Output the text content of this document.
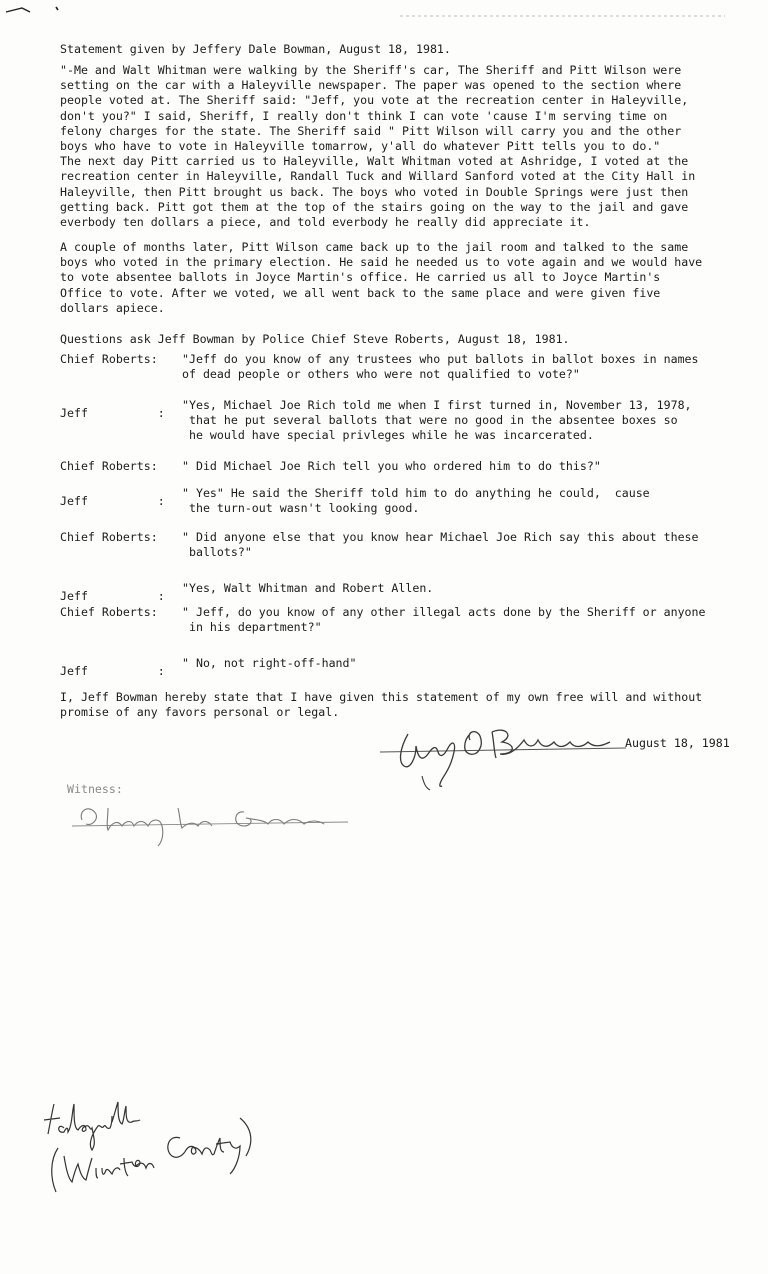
Statement given by Jeffery Dale Bowman, August 18, 1981.
"-Me and Walt Whitman were walking by the Sheriff's car, The Sheriff and Pitt Wilson were
setting on the car with a Haleyville newspaper. The paper was opened to the section where
people voted at. The Sheriff said: "Jeff, you vote at the recreation center in Haleyville,
don't you?" I said, Sheriff, I really don't think I can vote 'cause I'm serving time on
felony charges for the state. The Sheriff said " Pitt Wilson will carry you and the other
boys who have to vote in Haleyville tomarrow, y'all do whatever Pitt tells you to do."
The next day Pitt carried us to Haleyville, Walt Whitman voted at Ashridge, I voted at the
recreation center in Haleyville, Randall Tuck and Willard Sanford voted at the City Hall in
Haleyville, then Pitt brought us back. The boys who voted in Double Springs were just then
getting back. Pitt got them at the top of the stairs going on the way to the jail and gave
everbody ten dollars a piece, and told everbody he really did appreciate it.
A couple of months later, Pitt Wilson came back up to the jail room and talked to the same
boys who voted in the primary election. He said he needed us to vote again and we would have
to vote absentee ballots in Joyce Martin's office. He carried us all to Joyce Martin's
Office to vote. After we voted, we all went back to the same place and were given five
dollars apiece.
Questions ask Jeff Bowman by Police Chief Steve Roberts, August 18, 1981.
Chief Roberts:	"Jeff do you know of any trustees who put ballots in ballot boxes in names
of dead people or others who were not qualified to vote?"
Jeff          :
"Yes, Michael Joe Rich told me when I first turned in, November 13, 1978,
that he put several ballots that were no good in the absentee boxes so
he would have special privleges while he was incarcerated.
Chief Roberts:	" Did Michael Joe Rich tell you who ordered him to do this?"
Jeff          :
" Yes" He said the Sheriff told him to do anything he could,  cause
the turn-out wasn't looking good.
Chief Roberts:	" Did anyone else that you know hear Michael Joe Rich say this about these
ballots?"
Jeff          :
"Yes, Walt Whitman and Robert Allen.
Chief Roberts:	" Jeff, do you know of any other illegal acts done by the Sheriff or anyone
in his department?"
Jeff          :
" No, not right-off-hand"
I, Jeff Bowman hereby state that I have given this statement of my own free will and without
promise of any favors personal or legal.
August 18, 1981
Witness:
